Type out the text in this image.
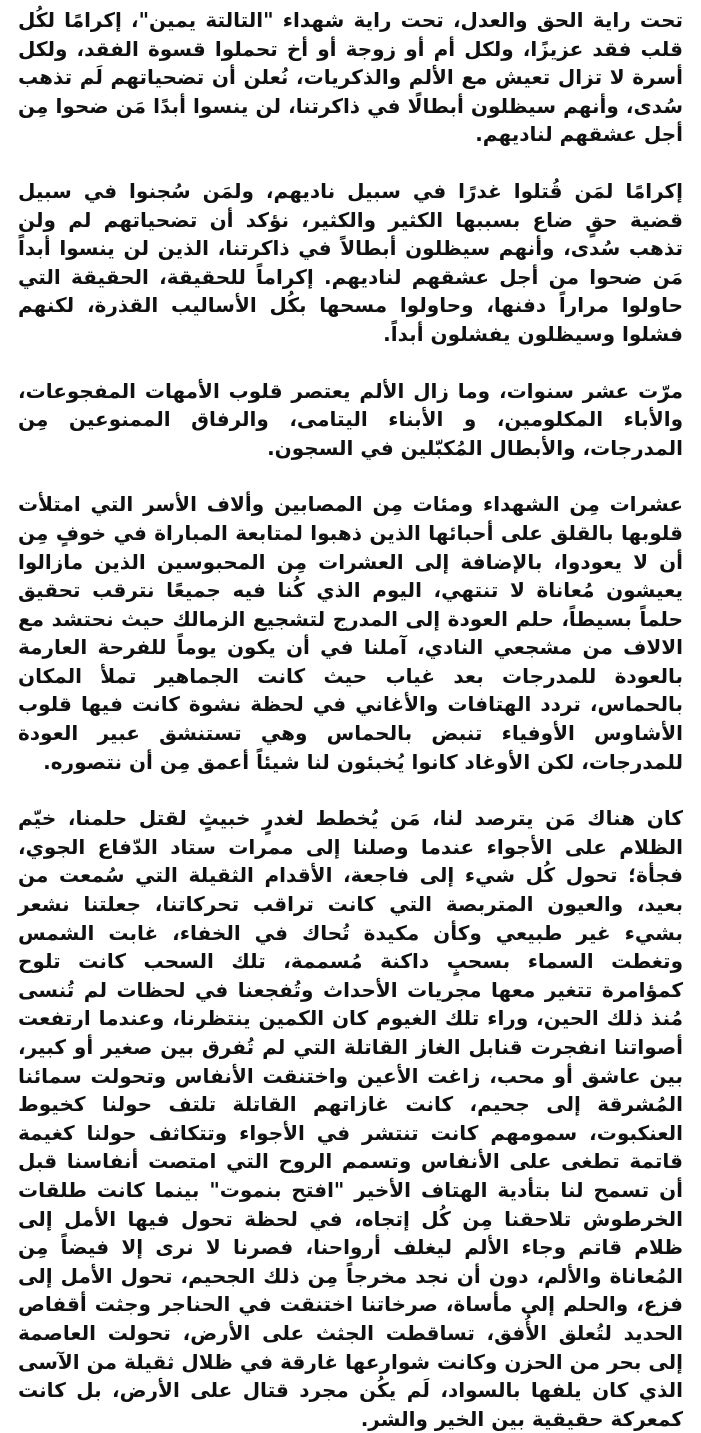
تحت راية الحق والعدل، تحت راية شهداء "التالتة يمين"، إكرامًا لكُل قلب فقد عزيزًا، ولكل أم أو زوجة أو أخ تحملوا قسوة الفقد، ولكل أسرة لا تزال تعيش مع الألم والذكريات، نُعلن أن تضحياتهم لَم تذهب سُدى، وأنهم سيظلون أبطالًا في ذاكرتنا، لن ينسوا أبدًا مَن ضحوا مِن أجل عشقهم لناديهم.

إكرامًا لمَن قُتلوا غدرًا في سبيل ناديهم، ولمَن سُجنوا في سبيل قضية حقٍ ضاع بسببها الكثير والكثير، نؤكد أن تضحياتهم لم ولن تذهب سُدى، وأنهم سيظلون أبطالاً في ذاكرتنا، الذين لن ينسوا أبداً مَن ضحوا من أجل عشقهم لناديهم. إكراماً للحقيقة، الحقيقة التي حاولوا مراراً دفنها، وحاولوا مسحها بكُل الأساليب القذرة، لكنهم فشلوا وسيظلون يفشلون أبداً.

مرّت عشر سنوات، وما زال الألم يعتصر قلوب الأمهات المفجوعات، والأباء المكلومين، و الأبناء اليتامى، والرفاق الممنوعين مِن المدرجات، والأبطال المُكبّلين في السجون.

عشرات مِن الشهداء ومئات مِن المصابين وألاف الأسر التي امتلأت قلوبها بالقلق على أحبائها الذين ذهبوا لمتابعة المباراة في خوفٍ مِن أن لا يعودوا، بالإضافة إلى العشرات مِن المحبوسين الذين مازالوا يعيشون مُعاناة لا تنتهي، اليوم الذي كُنا فيه جميعًا نترقب تحقيق حلماً بسيطاً، حلم العودة إلى المدرج لتشجيع الزمالك حيث نحتشد مع الالاف من مشجعي النادي، آملنا في أن يكون يوماً للفرحة العارمة بالعودة للمدرجات بعد غياب حيث كانت الجماهير تملأ المكان بالحماس، تردد الهتافات والأغاني في لحظة نشوة كانت فيها قلوب الأشاوس الأوفياء تنبض بالحماس وهي تستنشق عبير العودة للمدرجات، لكن الأوغاد كانوا يُخبئون لنا شيئاً أعمق مِن أن نتصوره.

كان هناك مَن يترصد لنا، مَن يُخطط لغدرٍ خبيثٍ لقتل حلمنا، خيّم الظلام على الأجواء عندما وصلنا إلى ممرات ستاد الدّفاع الجوي، فجأة؛ تحول كُل شيء إلى فاجعة، الأقدام الثقيلة التي سُمعت من بعيد، والعيون المتربصة التي كانت تراقب تحركاتنا، جعلتنا نشعر بشيء غير طبيعي وكأن مكيدة تُحاك في الخفاء، غابت الشمس وتغطت السماء بسحبٍ داكنة مُسممة، تلك السحب كانت تلوح كمؤامرة تتغير معها مجريات الأحداث وتُفجعنا في لحظات لم تُنسى مُنذ ذلك الحين، وراء تلك الغيوم كان الكمين ينتظرنا، وعندما ارتفعت أصواتنا انفجرت قنابل الغاز القاتلة التي لم تُفرق بين صغير أو كبير، بين عاشق أو محب، زاغت الأعين واختنقت الأنفاس وتحولت سمائنا المُشرقة إلى جحيم، كانت غازاتهم القاتلة تلتف حولنا كخيوط العنكبوت، سمومهم كانت تنتشر في الأجواء وتتكاثف حولنا كغيمة قاتمة تطغى على الأنفاس وتسمم الروح التي امتصت أنفاسنا قبل أن تسمح لنا بتأدية الهتاف الأخير "افتح بنموت" بينما كانت طلقات الخرطوش تلاحقنا مِن كُل إتجاه، في لحظة تحول فيها الأمل إلى ظلام قاتم وجاء الألم ليغلف أرواحنا، فصرنا لا نرى إلا فيضاً مِن المُعاناة والألم، دون أن نجد مخرجاً مِن ذلك الجحيم، تحول الأمل إلى فزع، والحلم إلى مأساة، صرخاتنا اختنقت في الحناجر وجثت أقفاص الحديد لتُعلق الأُفق، تساقطت الجثث على الأرض، تحولت العاصمة إلى بحر من الحزن وكانت شوارعها غارقة في ظلال ثقيلة من الآسى الذي كان يلفها بالسواد، لَم يكُن مجرد قتال على الأرض، بل كانت كمعركة حقيقية بين الخير والشر.
